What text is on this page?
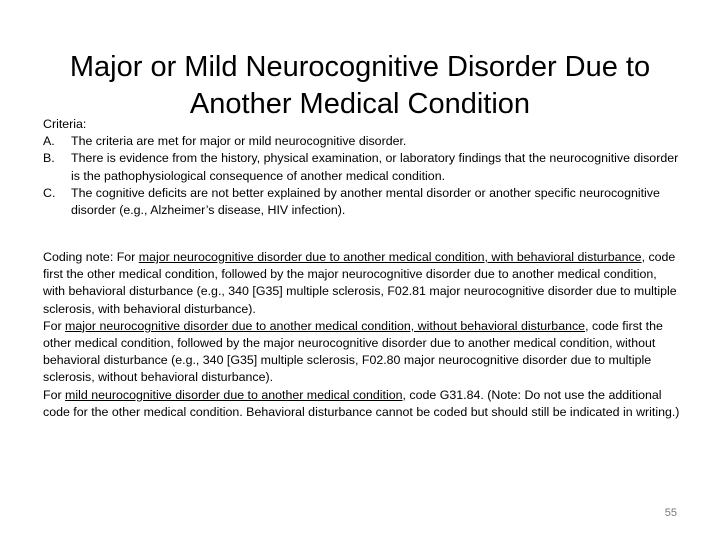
Major or Mild Neurocognitive Disorder Due to
Another Medical Condition
Criteria:
A.	The criteria are met for major or mild neurocognitive disorder.
B.	There is evidence from the history, physical examination, or laboratory findings that the neurocognitive disorder is the pathophysiological consequence of another medical condition.
C.	The cognitive deficits are not better explained by another mental disorder or another specific neurocognitive disorder (e.g., Alzheimer’s disease, HIV infection).

Coding note: For major neurocognitive disorder due to another medical condition, with behavioral disturbance, code first the other medical condition, followed by the major neurocognitive disorder due to another medical condition, with behavioral disturbance (e.g., 340 [G35] multiple sclerosis, F02.81 major neurocognitive disorder due to multiple sclerosis, with behavioral disturbance).

For major neurocognitive disorder due to another medical condition, without behavioral disturbance, code first the other medical condition, followed by the major neurocognitive disorder due to another medical condition, without behavioral disturbance (e.g., 340 [G35] multiple sclerosis, F02.80 major neurocognitive disorder due to multiple sclerosis, without behavioral disturbance).

For mild neurocognitive disorder due to another medical condition, code G31.84. (Note: Do not use the additional code for the other medical condition. Behavioral disturbance cannot be coded but should still be indicated in writing.)

55
